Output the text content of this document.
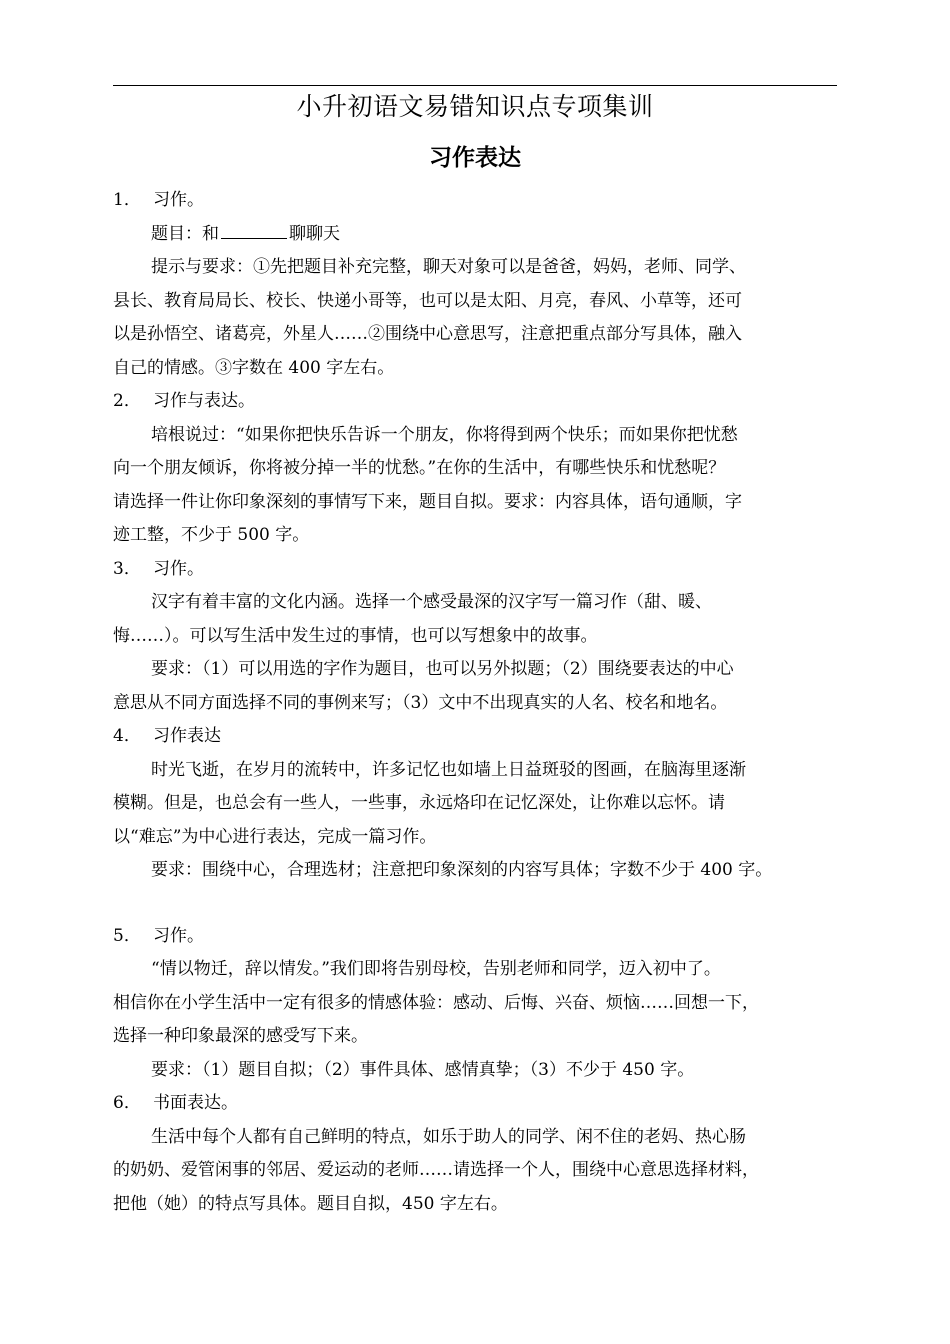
小升初语文易错知识点专项集训
习作表达

1． 习作。

题目：和	聊聊天

提示与要求：①先把题目补充完整，聊天对象可以是爸爸，妈妈，老师、同学、

县长、教育局局长、校长、快递小哥等，也可以是太阳、月亮，春风、小草等，还可

以是孙悟空、诸葛亮，外星人……②围绕中心意思写，注意把重点部分写具体，融入

自己的情感。③字数在 400 字左右。

2． 习作与表达。

培根说过：“如果你把快乐告诉一个朋友，你将得到两个快乐；而如果你把忧愁

向一个朋友倾诉，你将被分掉一半的忧愁。”在你的生活中，有哪些快乐和忧愁呢？

请选择一件让你印象深刻的事情写下来，题目自拟。要求：内容具体，语句通顺，字

迹工整，不少于 500 字。

3． 习作。

汉字有着丰富的文化内涵。选择一个感受最深的汉字写一篇习作（甜、暖、

悔……）。可以写生活中发生过的事情，也可以写想象中的故事。

要求：（1）可以用选的字作为题目，也可以另外拟题；（2）围绕要表达的中心

意思从不同方面选择不同的事例来写；（3）文中不出现真实的人名、校名和地名。

4． 习作表达

时光飞逝，在岁月的流转中，许多记忆也如墙上日益斑驳的图画，在脑海里逐渐

模糊。但是，也总会有一些人，一些事，永远烙印在记忆深处，让你难以忘怀。请

以“难忘”为中心进行表达，完成一篇习作。

要求：围绕中心，合理选材；注意把印象深刻的内容写具体；字数不少于 400 字。

5． 习作。

“情以物迁，辞以情发。”我们即将告别母校，告别老师和同学，迈入初中了。

相信你在小学生活中一定有很多的情感体验：感动、后悔、兴奋、烦恼……回想一下，

选择一种印象最深的感受写下来。

要求：（1）题目自拟；（2）事件具体、感情真挚；（3）不少于 450 字。

6． 书面表达。

生活中每个人都有自己鲜明的特点，如乐于助人的同学、闲不住的老妈、热心肠

的奶奶、爱管闲事的邻居、爱运动的老师……请选择一个人，围绕中心意思选择材料，

把他（她）的特点写具体。题目自拟，450 字左右。
